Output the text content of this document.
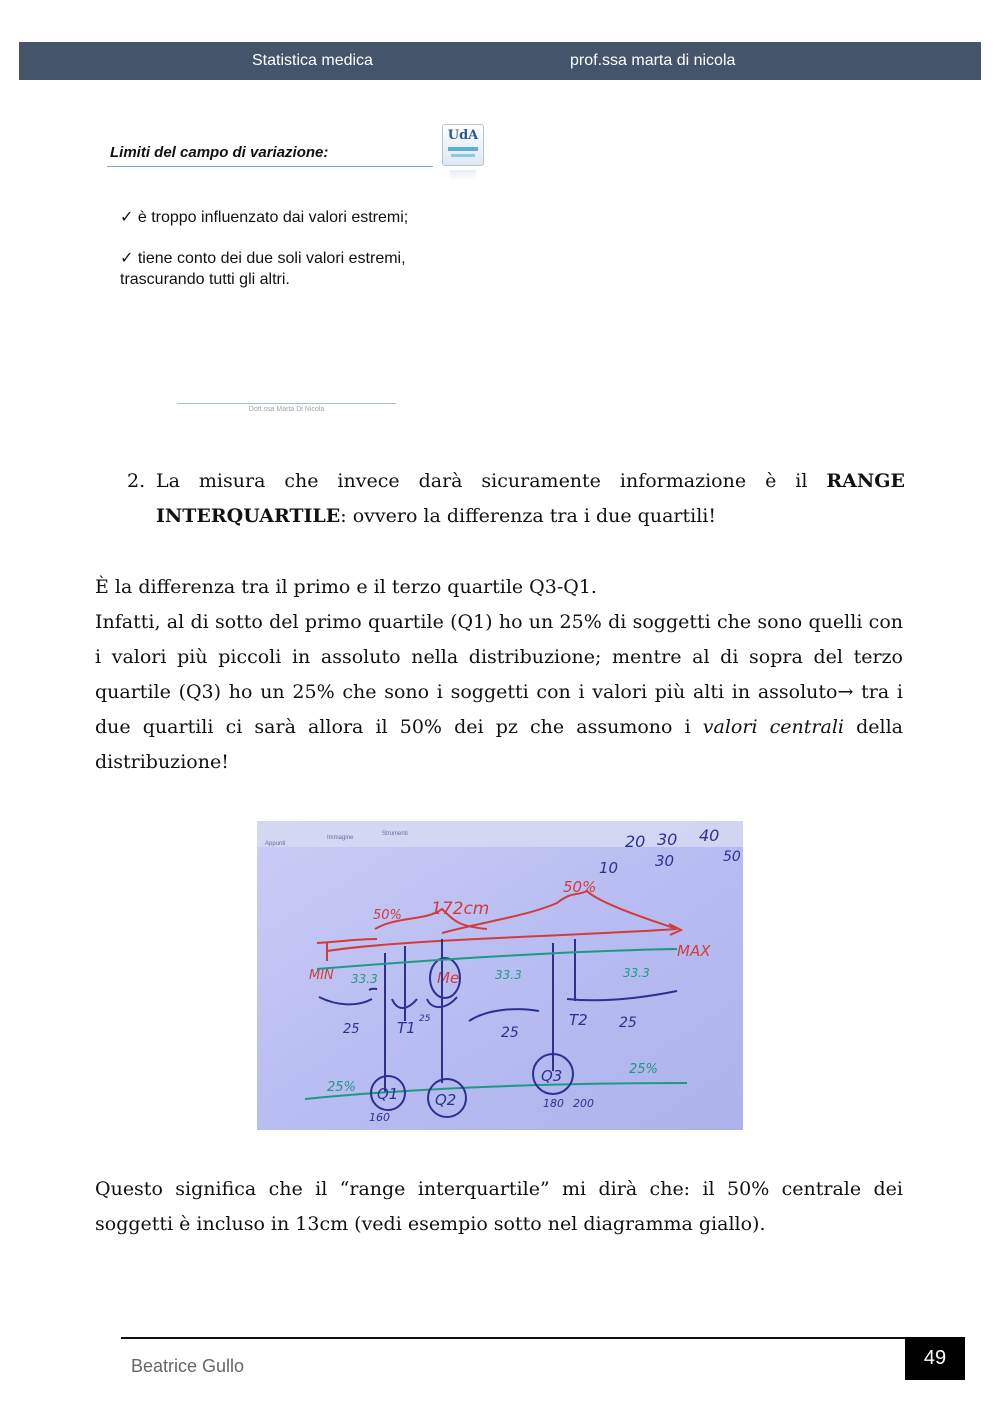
Statistica medica	prof.ssa marta di nicola
Limiti del campo di variazione:
UdA
✓ è troppo influenzato dai valori estremi;
✓ tiene conto dei due soli valori estremi,
trascurando tutti gli altri.
Dott.ssa Marta Di Nicola
2. La misura che invece darà sicuramente informazione è il RANGE INTERQUARTILE: ovvero la differenza tra i due quartili!
È la differenza tra il primo e il terzo quartile Q3-Q1.
Infatti, al di sotto del primo quartile (Q1) ho un 25% di soggetti che sono quelli con i valori più piccoli in assoluto nella distribuzione; mentre al di sopra del terzo quartile (Q3) ho un 25% che sono i soggetti con i valori più alti in assoluto→ tra i due quartili ci sarà allora il 50% dei pz che assumono i valori centrali della distribuzione!
Appunti
Immagine
Strumenti	20 30 40
10 30	50
50% 172cm
50%
MIN
MAX
Me
25 T1 25
25
T2 25
33.3	33.3	33.3
25%
25%
Q1 Q2
Q3
160
180 200
Questo significa che il “range interquartile” mi dirà che: il 50% centrale dei soggetti è incluso in 13cm (vedi esempio sotto nel diagramma giallo).
Beatrice Gullo	49
